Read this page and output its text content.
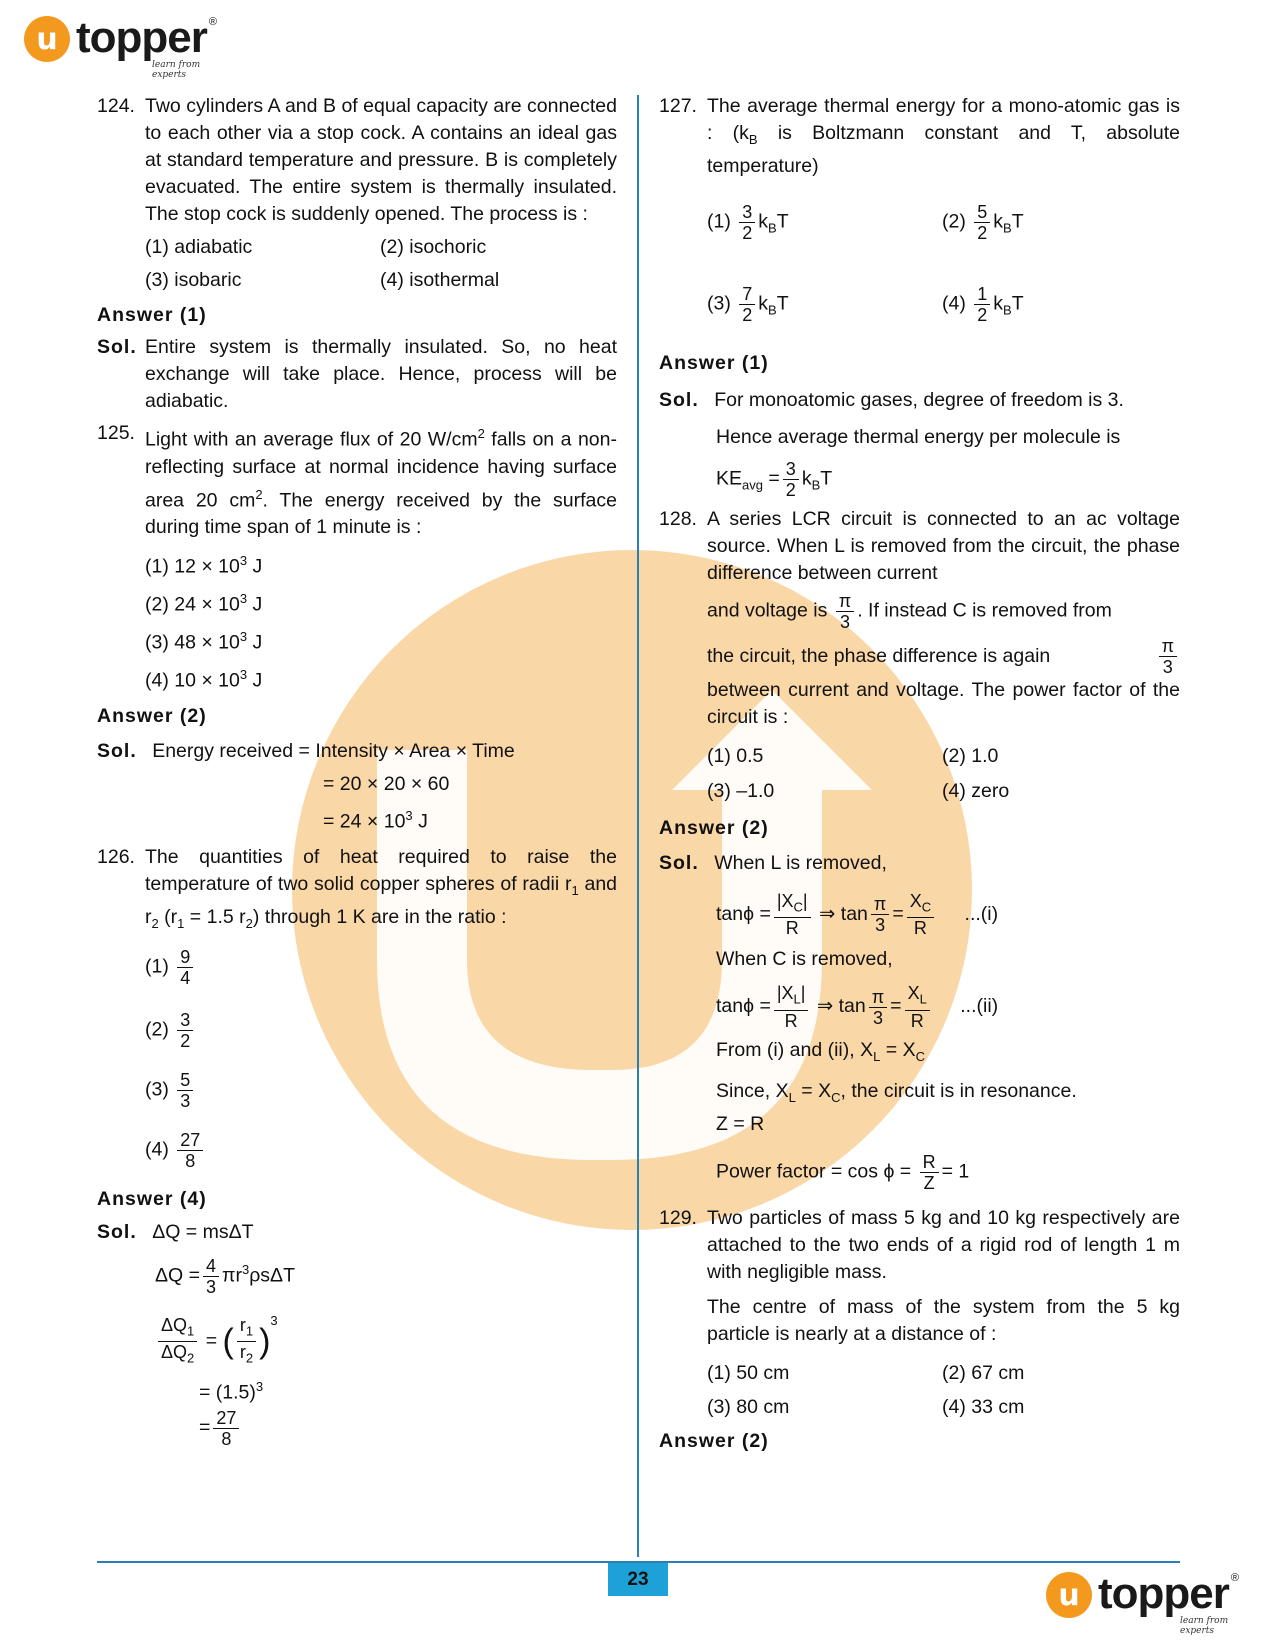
u topper ®
learn from experts
124. Two cylinders A and B of equal capacity are connected to each other via a stop cock. A contains an ideal gas at standard temperature and pressure. B is completely evacuated. The entire system is thermally insulated. The stop cock is suddenly opened. The process is :
(1) adiabatic	(2) isochoric
(3) isobaric	(4) isothermal
Answer (1)
Sol. Entire system is thermally insulated. So, no heat exchange will take place. Hence, process will be adiabatic.
125. Light with an average flux of 20 $W/cm^2$ falls on a non-reflecting surface at normal incidence having surface area 20 $cm^2$. The energy received by the surface during time span of 1 minute is :
(1) $12 \times 10^3$ J
(2) $24 \times 10^3$ J
(3) $48 \times 10^3$ J
(4) $10 \times 10^3$ J
Answer (2)
Sol. Energy received = Intensity × Area × Time
= 20 × 20 × 60
= $24 \times 10^3$ J
126. The quantities of heat required to raise the temperature of two solid copper spheres of radii $r_1$ and $r_2$ ($r_1 = 1.5$ $r_2$) through 1 K are in the ratio :
$(1) \frac{9}{4}$
$(2) \frac{3}{2}$
$(3) \frac{5}{3}$
$(4) \frac{27}{8}$
Answer (4)
Sol. ΔQ = msΔT
$\Delta Q = \frac{4}{3} \pi r^3\rho s\Delta T$
$\frac{\Delta Q_1}{\Delta Q_2}$ = ( $\frac{r_1}{r_2} )^3$
= $(1.5)^3$
= $\frac{27}{8}$
127. The average thermal energy for a mono-atomic gas is : ($k_B$ is Boltzmann constant and T, absolute temperature)
$(1) \frac{3}{2} k_BT$	$(2) \frac{5}{2} k_BT$
$(3) \frac{7}{2} k_BT$	$(4) \frac{1}{2} k_BT$
Answer (1)
Sol. For monoatomic gases, degree of freedom is 3.
Hence average thermal energy per molecule is
$KE_{avg} = \frac{3}{2} k_BT$
128. A series LCR circuit is connected to an ac voltage source. When L is removed from the circuit, the phase difference between current
and voltage is $\frac{\pi}{3}$ . If instead C is removed from
the circuit, the phase difference is again	$\frac{\pi}{3}$
between current and voltage. The power factor of the circuit is :
(1) 0.5	(2) 1.0
(3) –1.0	(4) zero
Answer (2)
Sol. When L is removed,
$\tan\phi = \frac{|X_C|}{R}$ ⇒ $\tan \frac{\pi}{3} = \frac{X_C}{R} ...(i)$
When C is removed,
$\tan\phi = \frac{|X_L|}{R}$ ⇒ $\tan \frac{\pi}{3} = \frac{X_L}{R} ...(ii)$
From (i) and (ii), $X_L = X_C$
Since, $X_L = X_C$, the circuit is in resonance.
Z = R
Power factor = $\cos \phi = \frac{R}{Z} = 1$
129. Two particles of mass 5 kg and 10 kg respectively are attached to the two ends of a rigid rod of length 1 m with negligible mass.
The centre of mass of the system from the 5 kg particle is nearly at a distance of :
(1) 50 cm	(2) 67 cm
(3) 80 cm	(4) 33 cm
Answer (2)
23	u topper ®
learn from experts
